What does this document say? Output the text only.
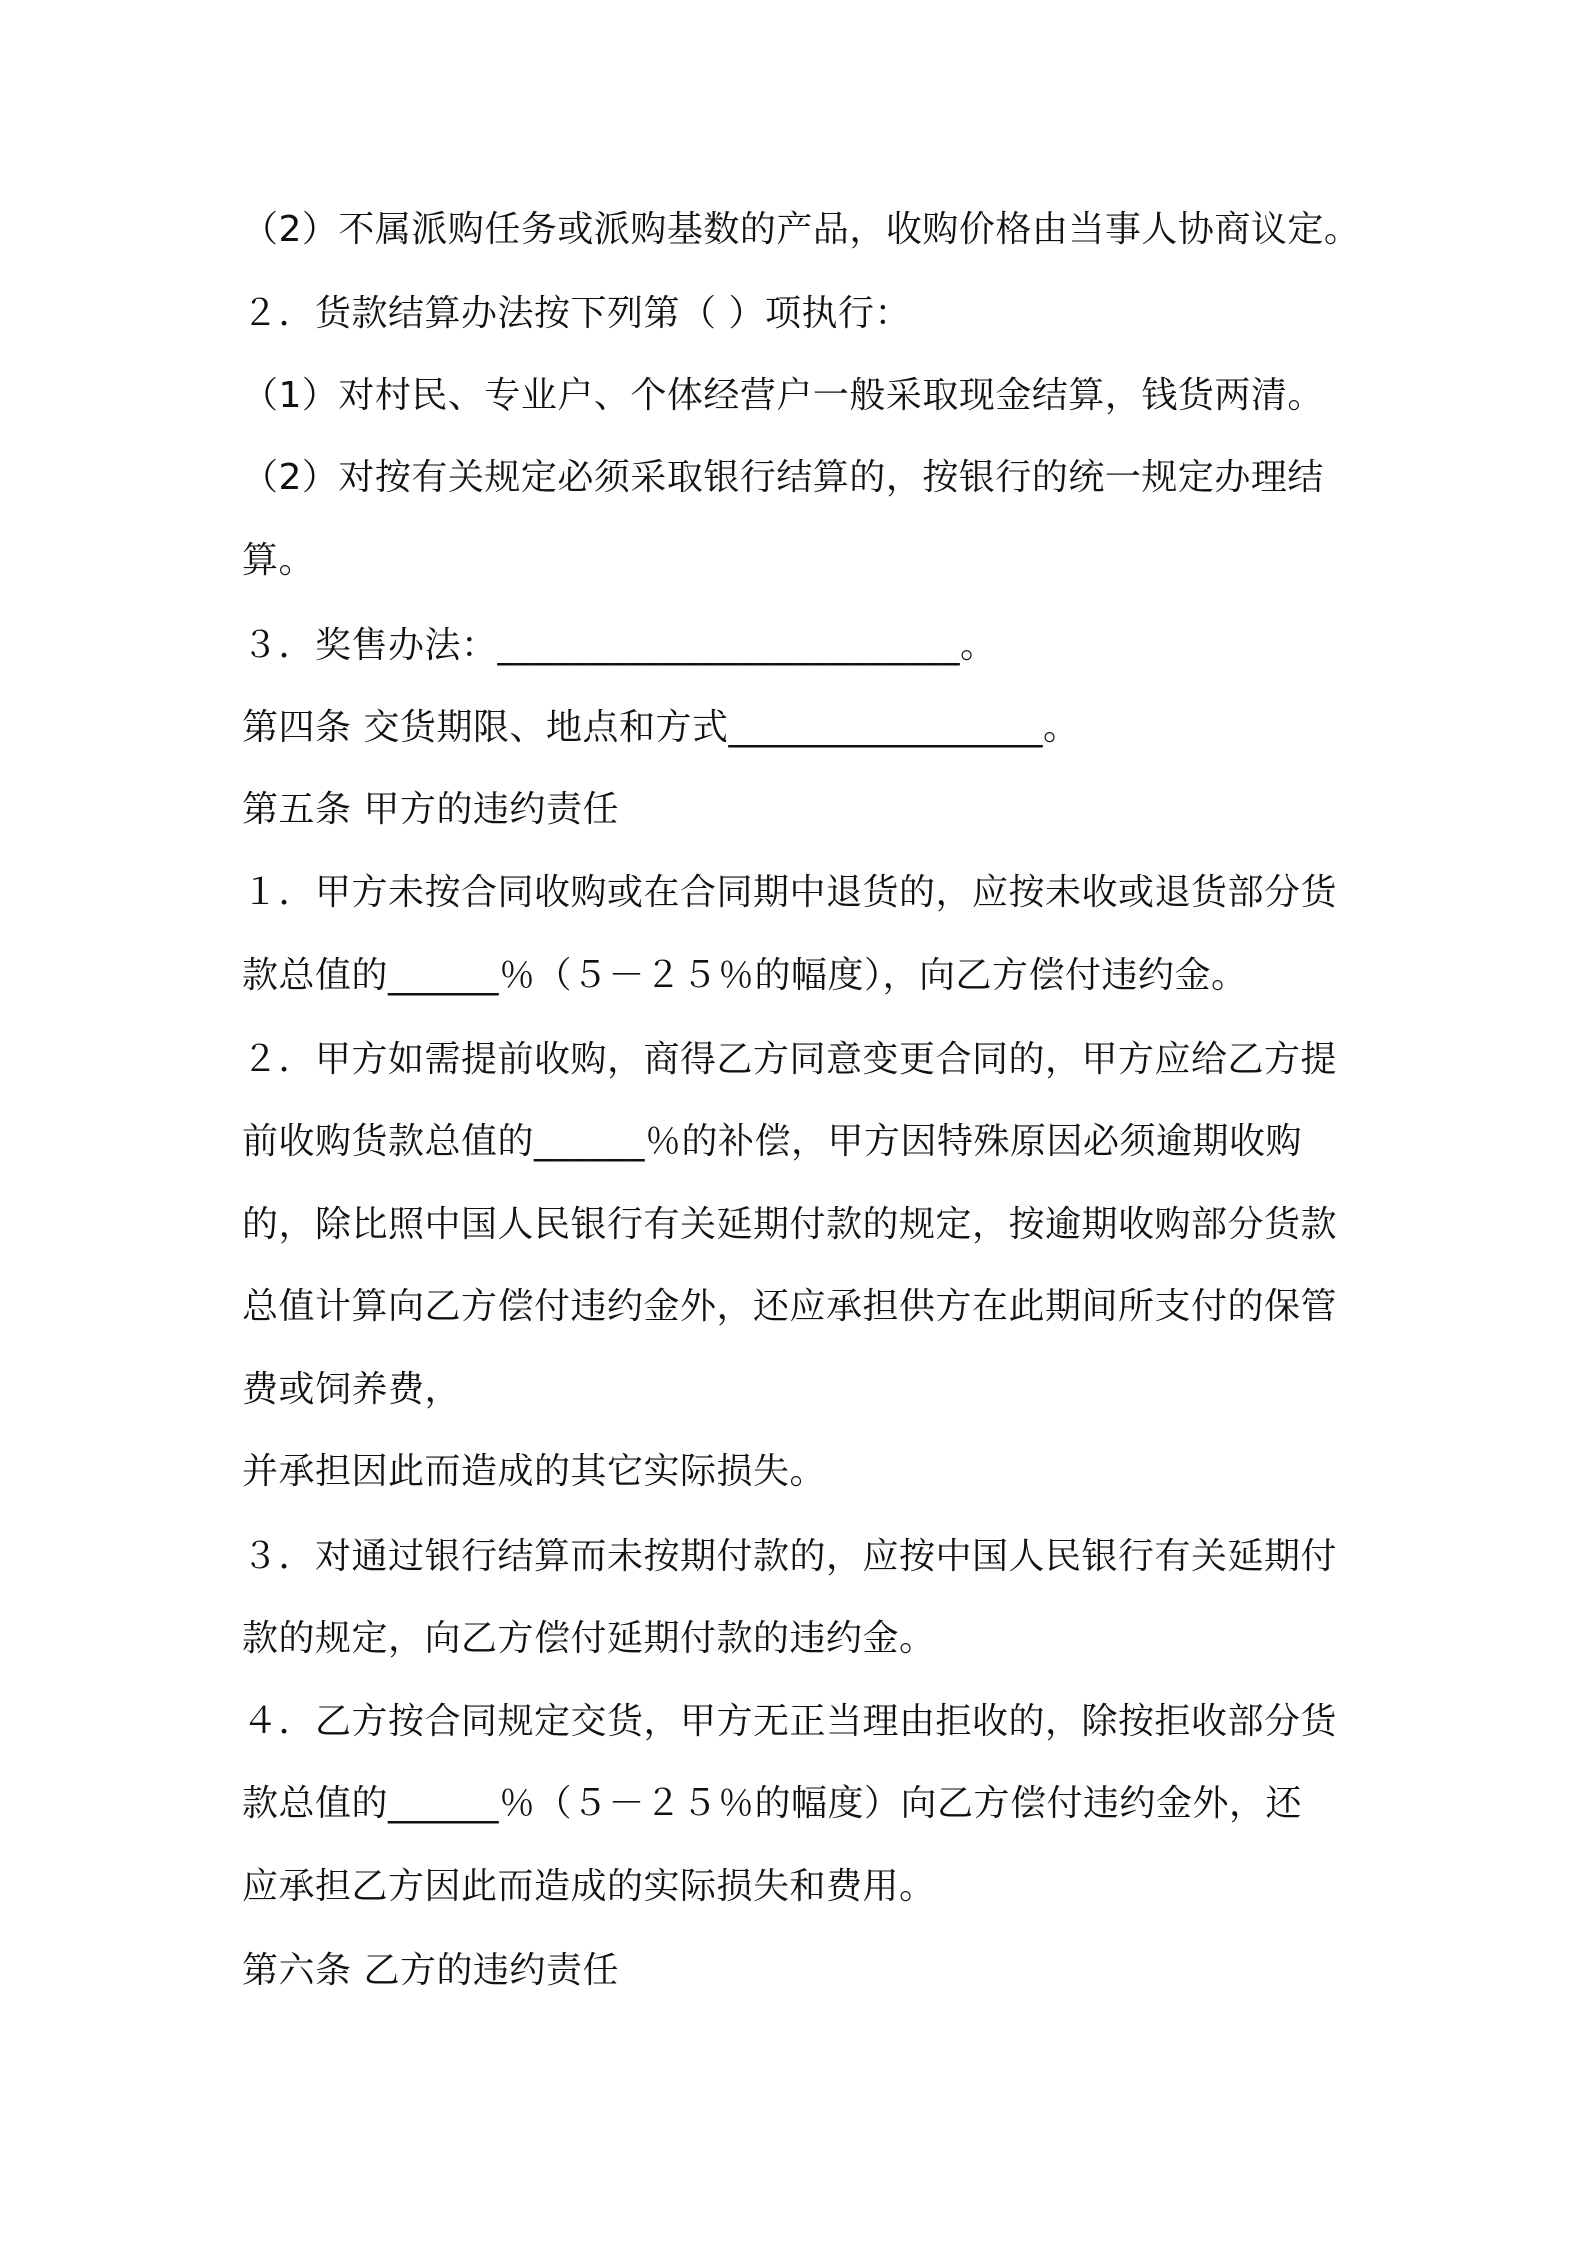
（2）不属派购任务或派购基数的产品，收购价格由当事人协商议定。
２．货款结算办法按下列第（ ）项执行：
（1）对村民、专业户、个体经营户一般采取现金结算，钱货两清。
（2）对按有关规定必须采取银行结算的，按银行的统一规定办理结
算。
３．奖售办法：_________________________。
第四条 交货期限、地点和方式_________________。
第五条 甲方的违约责任
１．甲方未按合同收购或在合同期中退货的，应按未收或退货部分货
款总值的______％（５－２５％的幅度），向乙方偿付违约金。
２．甲方如需提前收购，商得乙方同意变更合同的，甲方应给乙方提
前收购货款总值的______％的补偿，甲方因特殊原因必须逾期收购
的，除比照中国人民银行有关延期付款的规定，按逾期收购部分货款
总值计算向乙方偿付违约金外，还应承担供方在此期间所支付的保管
费或饲养费，
并承担因此而造成的其它实际损失。
３．对通过银行结算而未按期付款的，应按中国人民银行有关延期付
款的规定，向乙方偿付延期付款的违约金。
４．乙方按合同规定交货，甲方无正当理由拒收的，除按拒收部分货
款总值的______％（５－２５％的幅度）向乙方偿付违约金外，还
应承担乙方因此而造成的实际损失和费用。
第六条 乙方的违约责任
